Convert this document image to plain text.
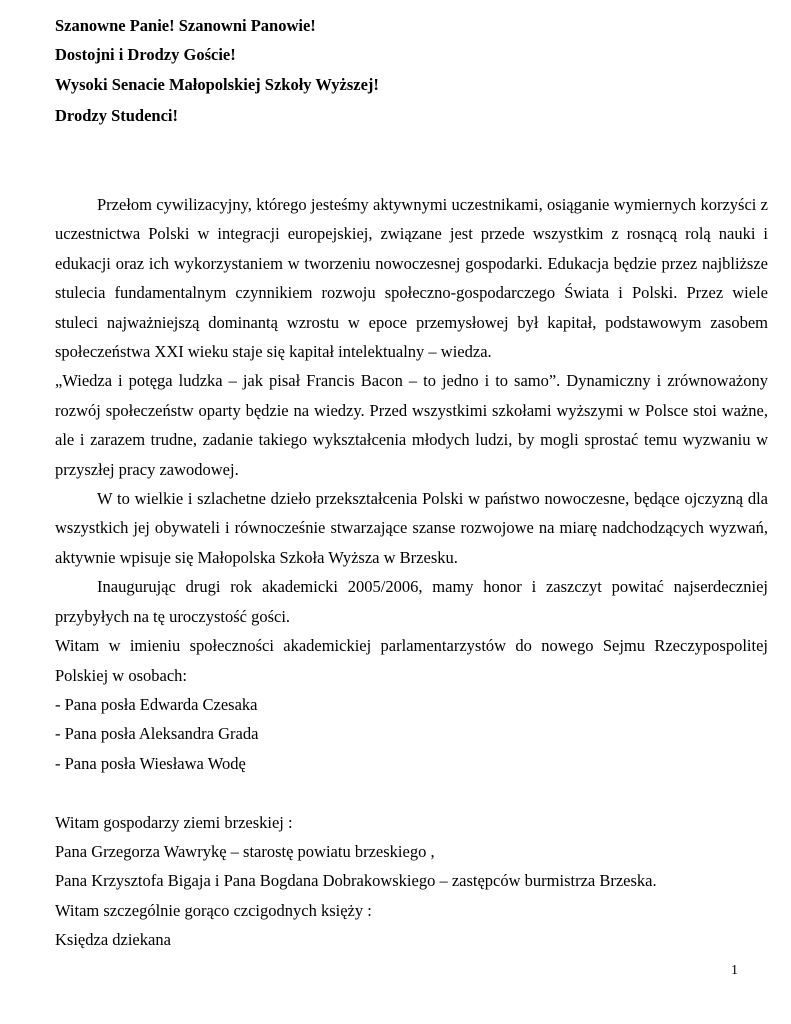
Szanowne Panie! Szanowni Panowie!

Dostojni i Drodzy Goście!

Wysoki Senacie Małopolskiej Szkoły Wyższej!

Drodzy Studenci!

Przełom cywilizacyjny, którego jesteśmy aktywnymi uczestnikami, osiąganie wymiernych korzyści z uczestnictwa Polski w integracji europejskiej, związane jest przede wszystkim z rosnącą rolą nauki i edukacji oraz ich wykorzystaniem w tworzeniu nowoczesnej gospodarki. Edukacja będzie przez najbliższe stulecia fundamentalnym czynnikiem rozwoju społeczno-gospodarczego Świata i Polski. Przez wiele stuleci najważniejszą dominantą wzrostu w epoce przemysłowej był kapitał, podstawowym zasobem społeczeństwa XXI wieku staje się kapitał intelektualny – wiedza.

„Wiedza i potęga ludzka – jak pisał Francis Bacon – to jedno i to samo”. Dynamiczny i zrównoważony rozwój społeczeństw oparty będzie na wiedzy. Przed wszystkimi szkołami wyższymi w Polsce stoi ważne, ale i zarazem trudne, zadanie takiego wykształcenia młodych ludzi, by mogli sprostać temu wyzwaniu w przyszłej pracy zawodowej.

W to wielkie i szlachetne dzieło przekształcenia Polski w państwo nowoczesne, będące ojczyzną dla wszystkich jej obywateli i równocześnie stwarzające szanse rozwojowe na miarę nadchodzących wyzwań, aktywnie wpisuje się Małopolska Szkoła Wyższa w Brzesku.

Inaugurując drugi rok akademicki 2005/2006, mamy honor i zaszczyt powitać najserdeczniej przybyłych na tę uroczystość gości.

Witam w imieniu społeczności akademickiej parlamentarzystów do nowego Sejmu Rzeczypospolitej Polskiej w osobach:

- Pana posła Edwarda Czesaka

- Pana posła Aleksandra Grada

- Pana posła Wiesława Wodę

Witam gospodarzy ziemi brzeskiej :

Pana Grzegorza Wawrykę – starostę powiatu brzeskiego ,

Pana Krzysztofa Bigaja i Pana Bogdana Dobrakowskiego – zastępców burmistrza Brzeska.

Witam szczególnie gorąco czcigodnych księży :

Księdza dziekana

1
